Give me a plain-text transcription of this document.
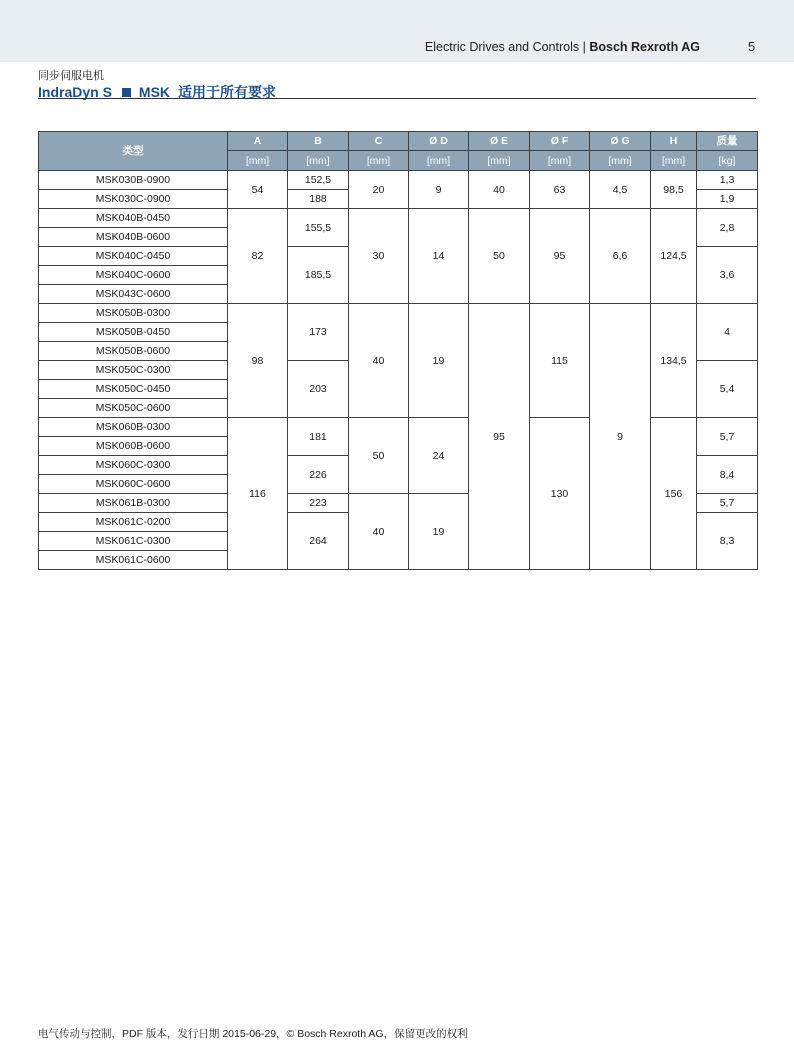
Electric Drives and Controls | Bosch Rexroth AG	5
同步伺服电机
IndraDyn S MSK 适用于所有要求
类型	A	B	C	Ø D	Ø E	Ø F	Ø G	H	质量
	[mm]	[mm]	[mm]	[mm]	[mm]	[mm]	[mm]	[mm]	[kg]
MSK030B-0900	54	152,5	20	9	40	63	4,5	98,5	1,3
MSK030C-0900		188							1,9
MSK040B-0450	82	155,5	30	14	50	95	6,6	124,5	2,8
MSK040B-0600									
MSK040C-0450		185,5							3,6
MSK040C-0600									
MSK043C-0600									
MSK050B-0300	98	173	40	19	95	115	9	134,5	4
MSK050B-0450									
MSK050B-0600									
MSK050C-0300		203							5,4
MSK050C-0450									
MSK050C-0600									
MSK060B-0300	116	181	50	24		130		156	5,7
MSK060B-0600									
MSK060C-0300		226							8,4
MSK060C-0600									
MSK061B-0300		223	40	19					5,7
MSK061C-0200		264							8,3
MSK061C-0300									
MSK061C-0600									
电气传动与控制，PDF 版本，发行日期 2015-06-29，© Bosch Rexroth AG，保留更改的权利
